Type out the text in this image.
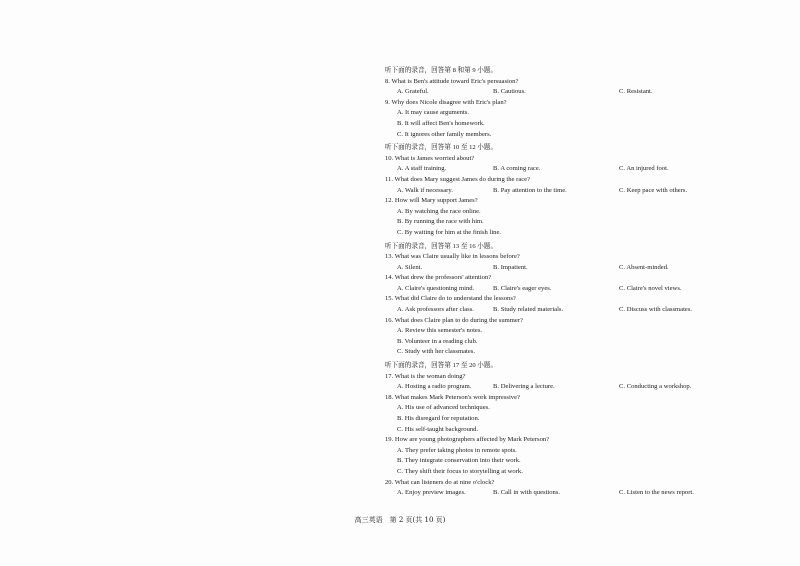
听下面的录音，回答第 8 和第 9 小题。
8. What is Ben's attitude toward Eric's persuasion?
A. Grateful.	B. Cautious.	C. Resistant.
9. Why does Nicole disagree with Eric's plan?
A. It may cause arguments.
B. It will affect Ben's homework.
C. It ignores other family members.
听下面的录音，回答第 10 至 12 小题。
10. What is James worried about?
A. A staff training.	B. A coming race.	C. An injured foot.
11. What does Mary suggest James do during the race?
A. Walk if necessary.	B. Pay attention to the time.	C. Keep pace with others.
12. How will Mary support James?
A. By watching the race online.
B. By running the race with him.
C. By waiting for him at the finish line.
听下面的录音，回答第 13 至 16 小题。
13. What was Claire usually like in lessons before?
A. Silent.	B. Impatient.	C. Absent-minded.
14. What drew the professors' attention?
A. Claire's questioning mind.	B. Claire's eager eyes.	C. Claire's novel views.
15. What did Claire do to understand the lessons?
A. Ask professors after class.	B. Study related materials.	C. Discuss with classmates.
16. What does Claire plan to do during the summer?
A. Review this semester's notes.
B. Volunteer in a reading club.
C. Study with her classmates.
听下面的录音，回答第 17 至 20 小题。
17. What is the woman doing?
A. Hosting a radio program.	B. Delivering a lecture.	C. Conducting a workshop.
18. What makes Mark Peterson's work impressive?
A. His use of advanced techniques.
B. His disregard for reputation.
C. His self-taught background.
19. How are young photographers affected by Mark Peterson?
A. They prefer taking photos in remote spots.
B. They integrate conservation into their work.
C. They shift their focus to storytelling at work.
20. What can listeners do at nine o'clock?
A. Enjoy preview images.	B. Call in with questions.	C. Listen to the news report.
高三英语　第 2 页(共 10 页)
